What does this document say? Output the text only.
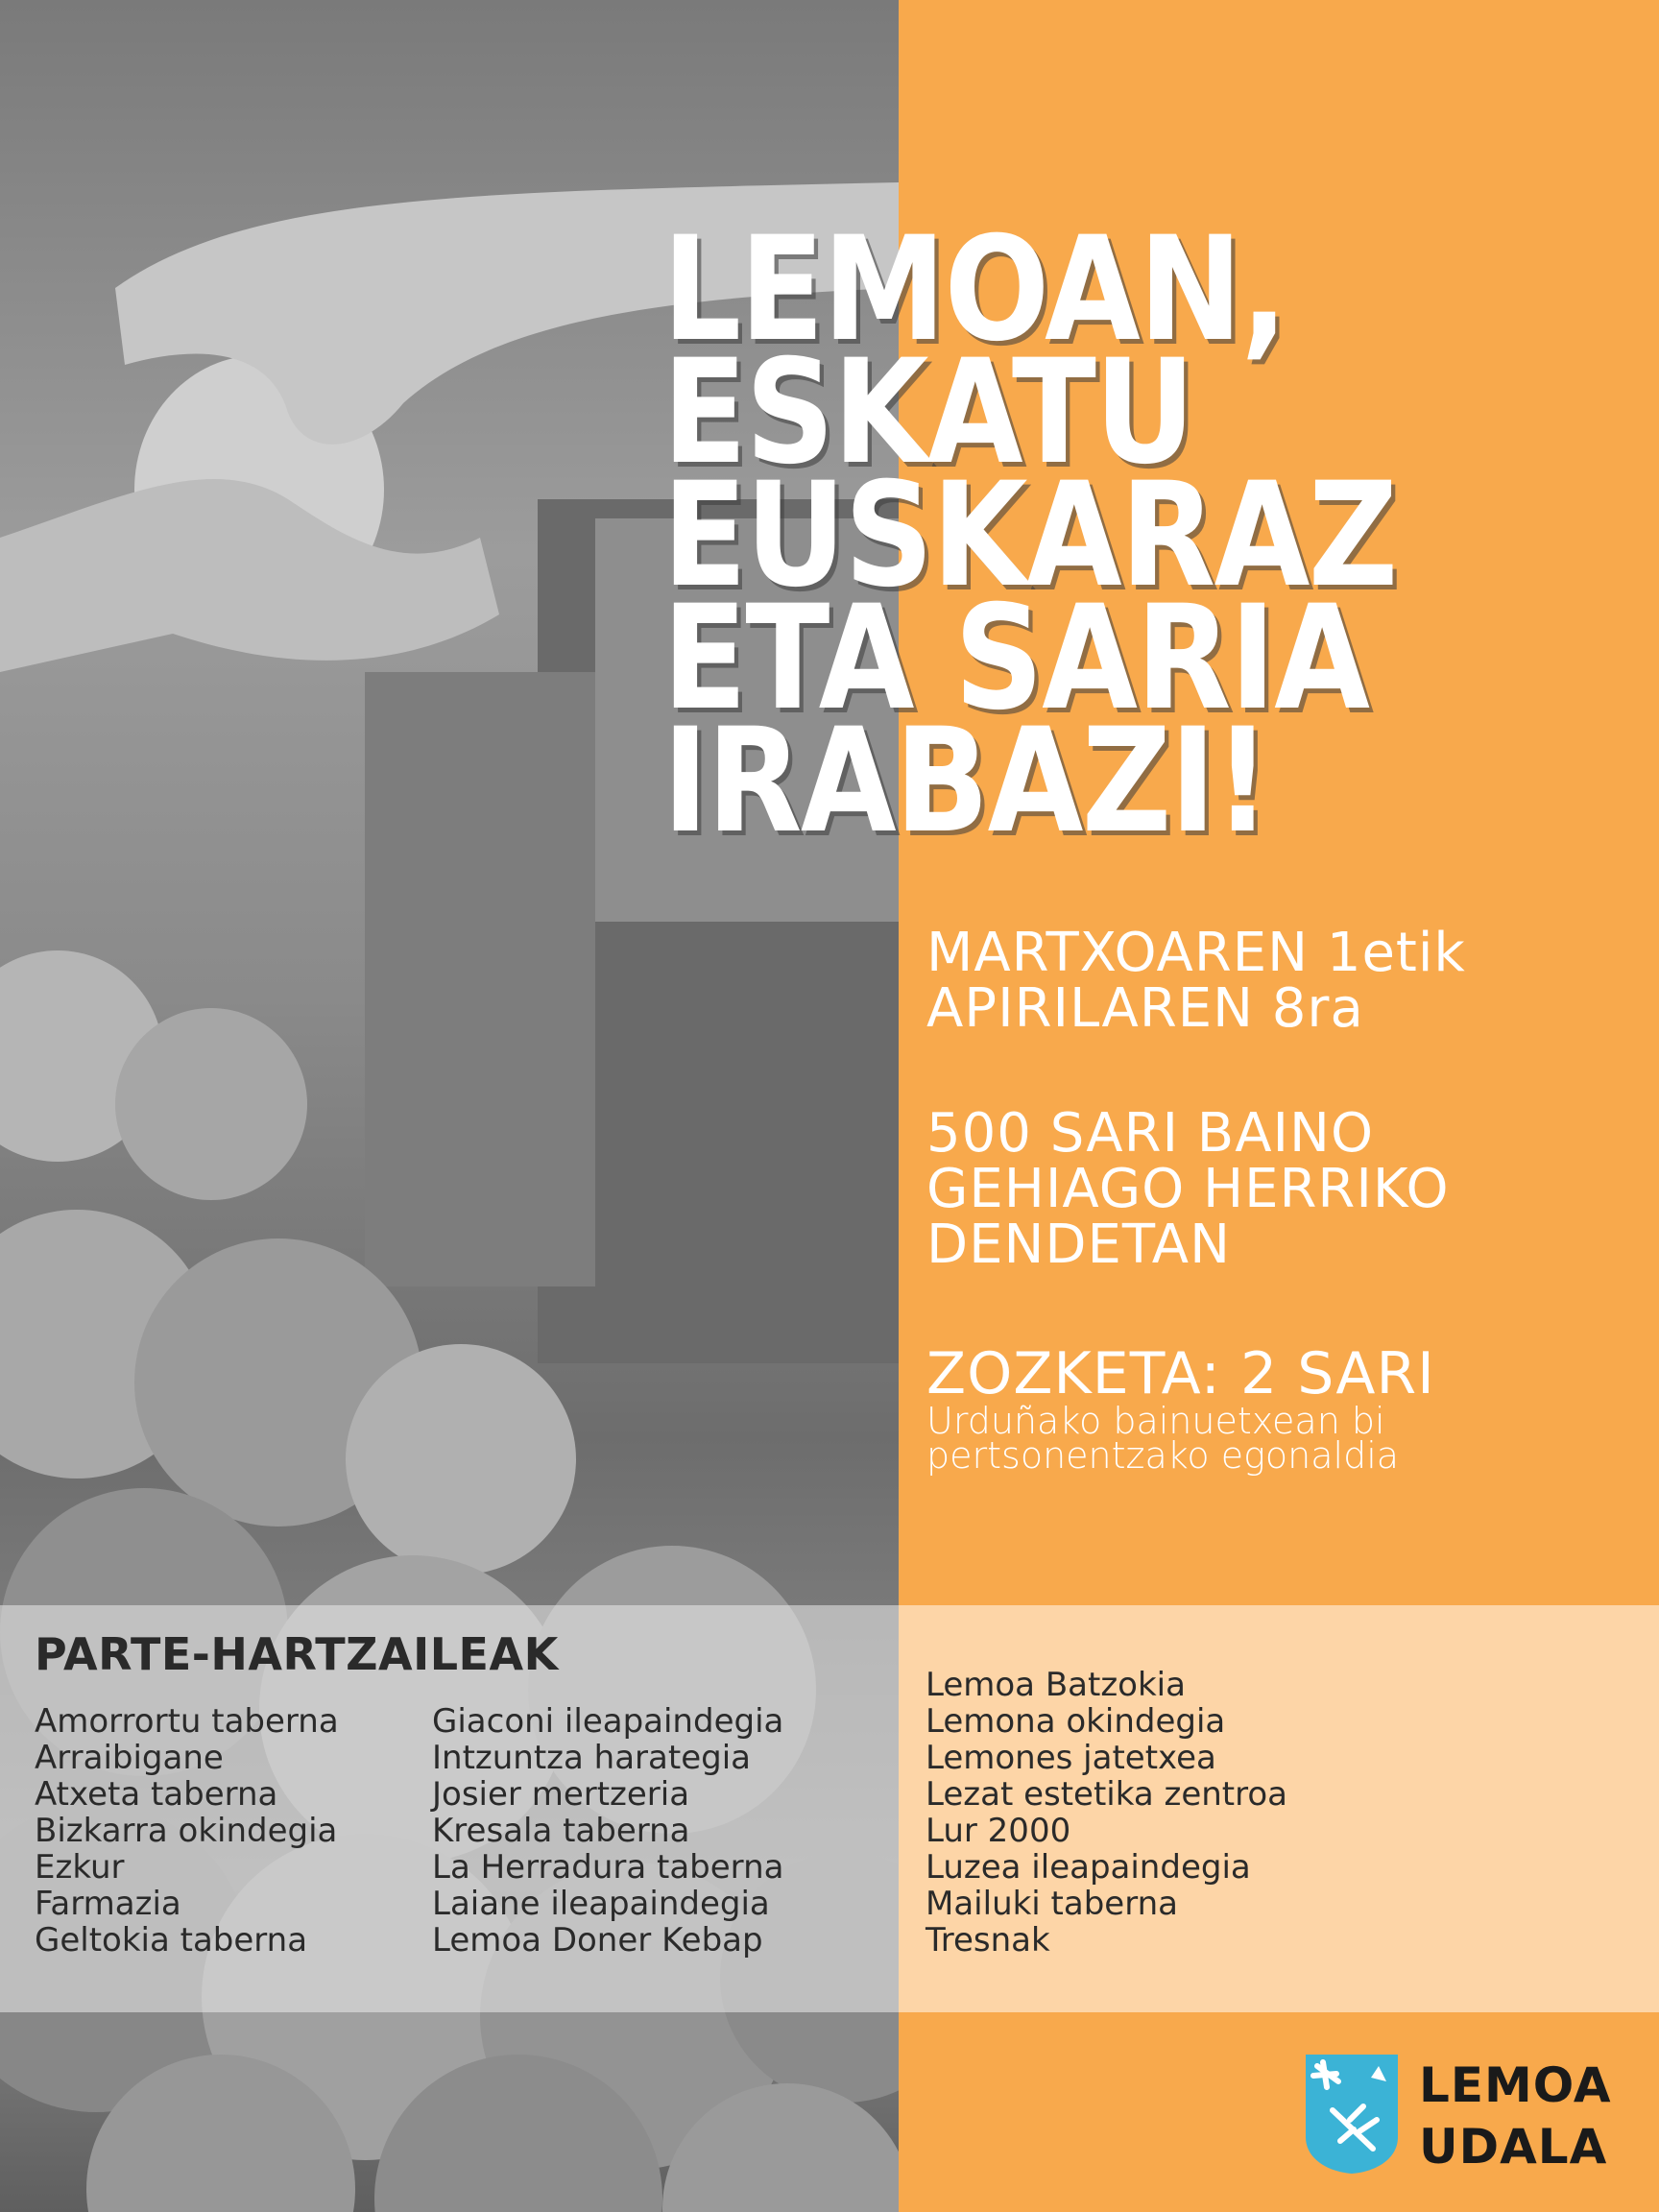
LEMOAN,
ESKATU
EUSKARAZ
ETA SARIA
IRABAZI!
MARTXOAREN 1etik
APIRILAREN 8ra
500 SARI BAINO
GEHIAGO HERRIKO
DENDETAN
ZOZKETA: 2 SARI
Urduñako bainuetxean bi
pertsonentzako egonaldia
PARTE-HARTZAILEAK
Amorrortu taberna
Arraibigane
Atxeta taberna
Bizkarra okindegia
Ezkur
Farmazia
Geltokia taberna
Giaconi ileapaindegia
Intzuntza harategia
Josier mertzeria
Kresala taberna
La Herradura taberna
Laiane ileapaindegia
Lemoa Doner Kebap
Lemoa Batzokia
Lemona okindegia
Lemones jatetxea
Lezat estetika zentroa
Lur 2000
Luzea ileapaindegia
Mailuki taberna
Tresnak
LEMOA
UDALA
